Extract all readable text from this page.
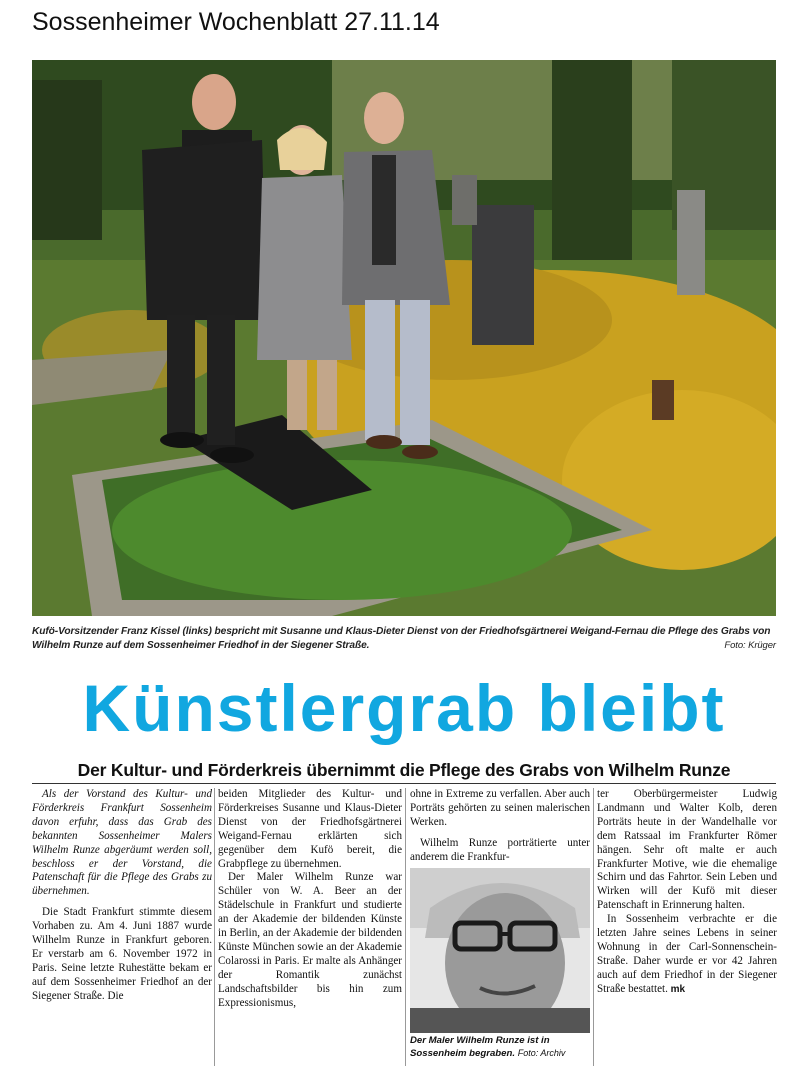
Sossenheimer Wochenblatt 27.11.14
Kufö-Vorsitzender Franz Kissel (links) bespricht mit Susanne und Klaus-Dieter Dienst von der Friedhofsgärtnerei Weigand-Fernau die Pflege des Grabs von Wilhelm Runze auf dem Sossenheimer Friedhof in der Siegener Straße.	Foto: Krüger
Künstlergrab bleibt
Der Kultur- und Förderkreis übernimmt die Pflege des Grabs von Wilhelm Runze

Als der Vorstand des Kultur- und Förderkreis Frankfurt Sossenheim davon erfuhr, dass das Grab des bekannten Sossenheimer Malers Wilhelm Runze abgeräumt werden soll, beschloss er der Vorstand, die Patenschaft für die Pflege des Grabs zu übernehmen.

Die Stadt Frankfurt stimmte diesem Vorhaben zu. Am 4. Juni 1887 wurde Wilhelm Runze in Frankfurt geboren. Er verstarb am 6. November 1972 in Paris. Seine letzte Ruhestätte bekam er auf dem Sossenheimer Friedhof an der Siegener Straße. Die

beiden Mitglieder des Kultur- und Förderkreises Susanne und Klaus-Dieter Dienst von der Friedhofsgärtnerei Weigand-Fernau erklärten sich gegenüber dem Kufö bereit, die Grabpflege zu übernehmen.

Der Maler Wilhelm Runze war Schüler von W. A. Beer an der Städelschule in Frankfurt und studierte an der Akademie der bildenden Künste in Berlin, an der Akademie der bildenden Künste München sowie an der Akademie Colarossi in Paris. Er malte als Anhänger der Romantik zunächst Landschaftsbilder bis hin zum Expressionismus,

ohne in Extreme zu verfallen. Aber auch Porträts gehörten zu seinen malerischen Werken.

Wilhelm Runze porträtierte unter anderem die Frankfur-

Der Maler Wilhelm Runze ist in Sossenheim begraben. Foto: Archiv

ter Oberbürgermeister Ludwig Landmann und Walter Kolb, deren Porträts heute in der Wandelhalle vor dem Ratssaal im Frankfurter Römer hängen. Sehr oft malte er auch Frankfurter Motive, wie die ehemalige Schirn und das Fahrtor. Sein Leben und Wirken will der Kufö mit dieser Patenschaft in Erinnerung halten.

In Sossenheim verbrachte er die letzten Jahre seines Lebens in seiner Wohnung in der Carl-Sonnenschein-Straße. Daher wurde er vor 42 Jahren auch auf dem Friedhof in der Siegener Straße bestattet. mk
